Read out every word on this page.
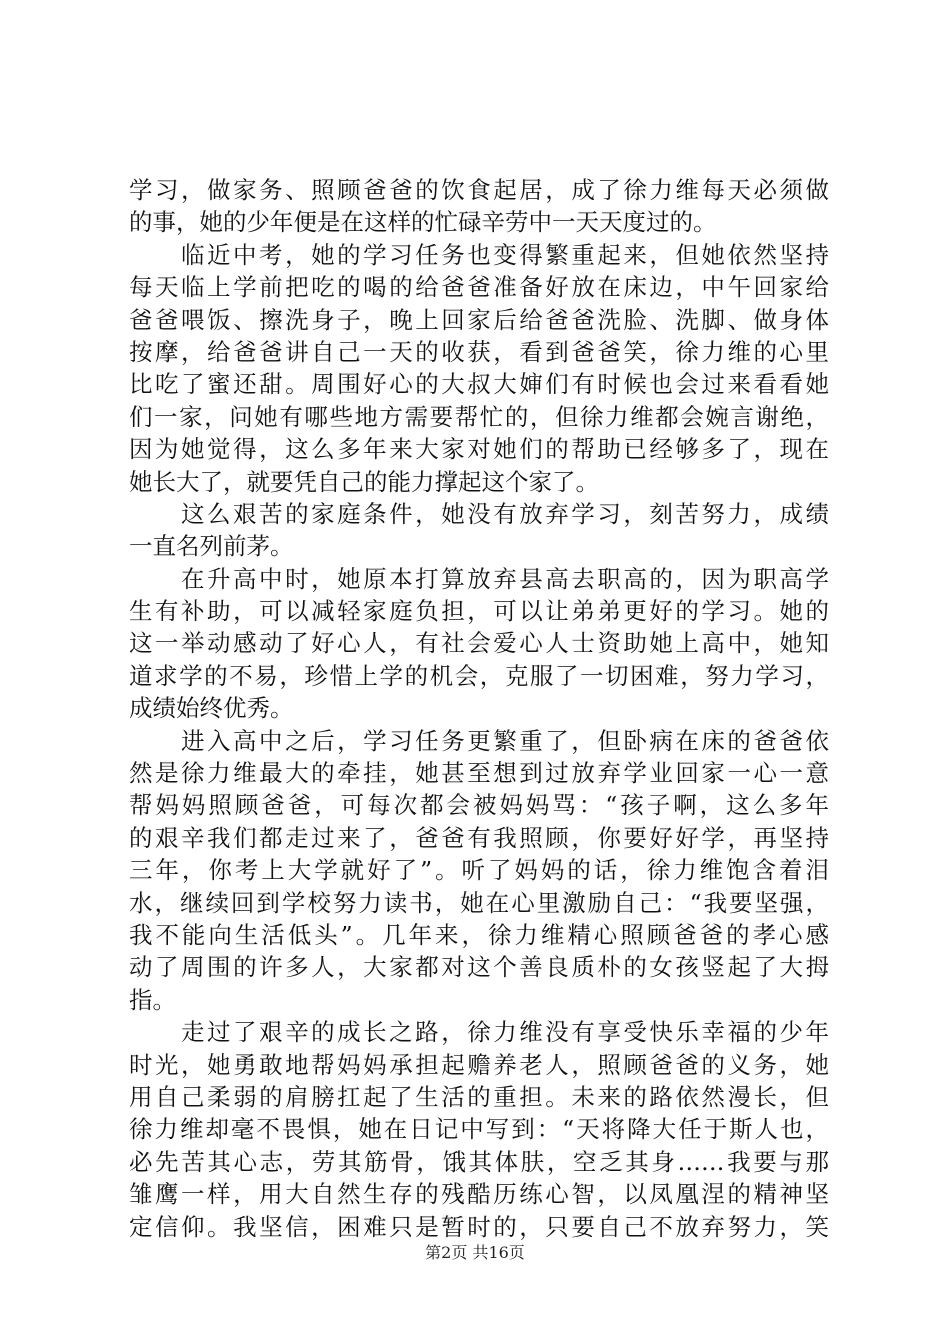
学习，做家务、照顾爸爸的饮食起居，成了徐力维每天必须做
的事，她的少年便是在这样的忙碌辛劳中一天天度过的。
临近中考，她的学习任务也变得繁重起来，但她依然坚持
每天临上学前把吃的喝的给爸爸准备好放在床边，中午回家给
爸爸喂饭、擦洗身子，晚上回家后给爸爸洗脸、洗脚、做身体
按摩，给爸爸讲自己一天的收获，看到爸爸笑，徐力维的心里
比吃了蜜还甜。周围好心的大叔大婶们有时候也会过来看看她
们一家，问她有哪些地方需要帮忙的，但徐力维都会婉言谢绝，
因为她觉得，这么多年来大家对她们的帮助已经够多了，现在
她长大了，就要凭自己的能力撑起这个家了。
这么艰苦的家庭条件，她没有放弃学习，刻苦努力，成绩
一直名列前茅。
在升高中时，她原本打算放弃县高去职高的，因为职高学
生有补助，可以减轻家庭负担，可以让弟弟更好的学习。她的
这一举动感动了好心人，有社会爱心人士资助她上高中，她知
道求学的不易，珍惜上学的机会，克服了一切困难，努力学习，
成绩始终优秀。
进入高中之后，学习任务更繁重了，但卧病在床的爸爸依
然是徐力维最大的牵挂，她甚至想到过放弃学业回家一心一意
帮妈妈照顾爸爸，可每次都会被妈妈骂：“孩子啊，这么多年
的艰辛我们都走过来了，爸爸有我照顾，你要好好学，再坚持
三年，你考上大学就好了”。听了妈妈的话，徐力维饱含着泪
水，继续回到学校努力读书，她在心里激励自己：“我要坚强，
我不能向生活低头”。几年来，徐力维精心照顾爸爸的孝心感
动了周围的许多人，大家都对这个善良质朴的女孩竖起了大拇
指。
走过了艰辛的成长之路，徐力维没有享受快乐幸福的少年
时光，她勇敢地帮妈妈承担起赡养老人，照顾爸爸的义务，她
用自己柔弱的肩膀扛起了生活的重担。未来的路依然漫长，但
徐力维却毫不畏惧，她在日记中写到：“天将降大任于斯人也，
必先苦其心志，劳其筋骨，饿其体肤，空乏其身……我要与那
雏鹰一样，用大自然生存的残酷历练心智，以凤凰涅的精神坚
定信仰。我坚信，困难只是暂时的，只要自己不放弃努力，笑
第2页 共16页
